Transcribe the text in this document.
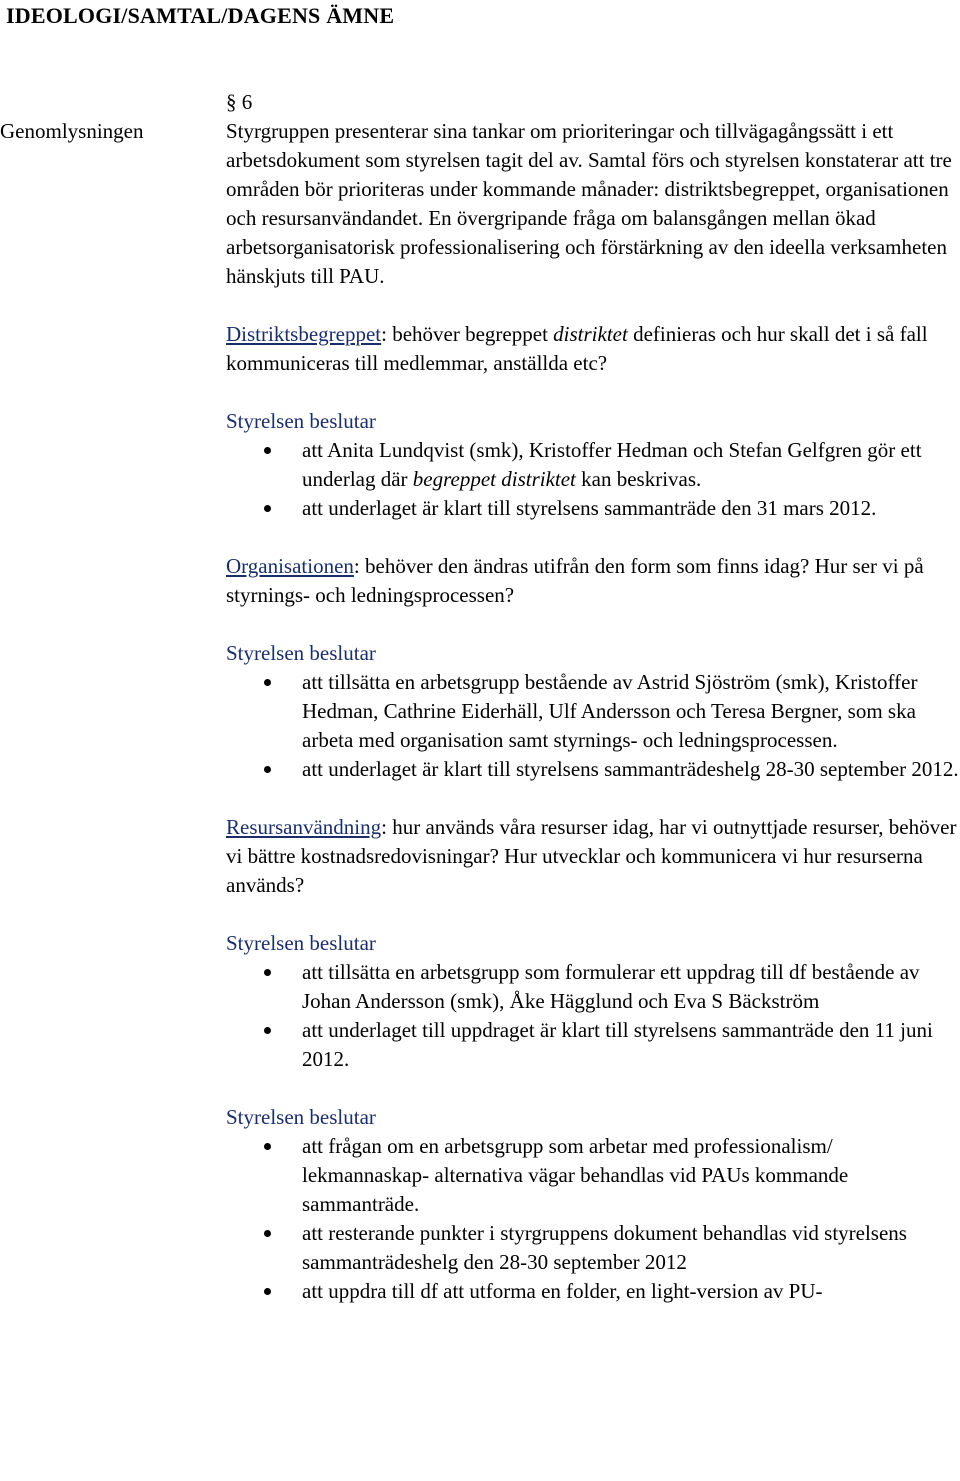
IDEOLOGI/SAMTAL/DAGENS ÄMNE
Genomlysningen
§ 6

Styrgruppen presenterar sina tankar om prioriteringar och tillvägagångssätt i ett arbetsdokument som styrelsen tagit del av. Samtal förs och styrelsen konstaterar att tre områden bör prioriteras under kommande månader: distriktsbegreppet, organisationen och resursanvändandet. En övergripande fråga om balansgången mellan ökad arbetsorganisatorisk professionalisering och förstärkning av den ideella verksamheten hänskjuts till PAU.

Distriktsbegreppet: behöver begreppet distriktet definieras och hur skall det i så fall kommuniceras till medlemmar, anställda etc?

Styrelsen beslutar
att Anita Lundqvist (smk), Kristoffer Hedman och Stefan Gelfgren gör ett underlag där begreppet distriktet kan beskrivas.
att underlaget är klart till styrelsens sammanträde den 31 mars 2012.

Organisationen: behöver den ändras utifrån den form som finns idag? Hur ser vi på styrnings- och ledningsprocessen?

Styrelsen beslutar
att tillsätta en arbetsgrupp bestående av Astrid Sjöström (smk), Kristoffer Hedman, Cathrine Eiderhäll, Ulf Andersson och Teresa Bergner, som ska arbeta med organisation samt styrnings- och ledningsprocessen.
att underlaget är klart till styrelsens sammanträdeshelg 28-30 september 2012.

Resursanvändning: hur används våra resurser idag, har vi outnyttjade resurser, behöver vi bättre kostnadsredovisningar? Hur utvecklar och kommunicera vi hur resurserna används?

Styrelsen beslutar
att tillsätta en arbetsgrupp som formulerar ett uppdrag till df bestående av Johan Andersson (smk), Åke Hägglund och Eva S Bäckström
att underlaget till uppdraget är klart till styrelsens sammanträde den 11 juni 2012.
Styrelsen beslutar
att frågan om en arbetsgrupp som arbetar med professionalism/ lekmannaskap- alternativa vägar behandlas vid PAUs kommande sammanträde.
att resterande punkter i styrgruppens dokument behandlas vid styrelsens sammanträdeshelg den 28-30 september 2012
att uppdra till df att utforma en folder, en light-version av PU-
